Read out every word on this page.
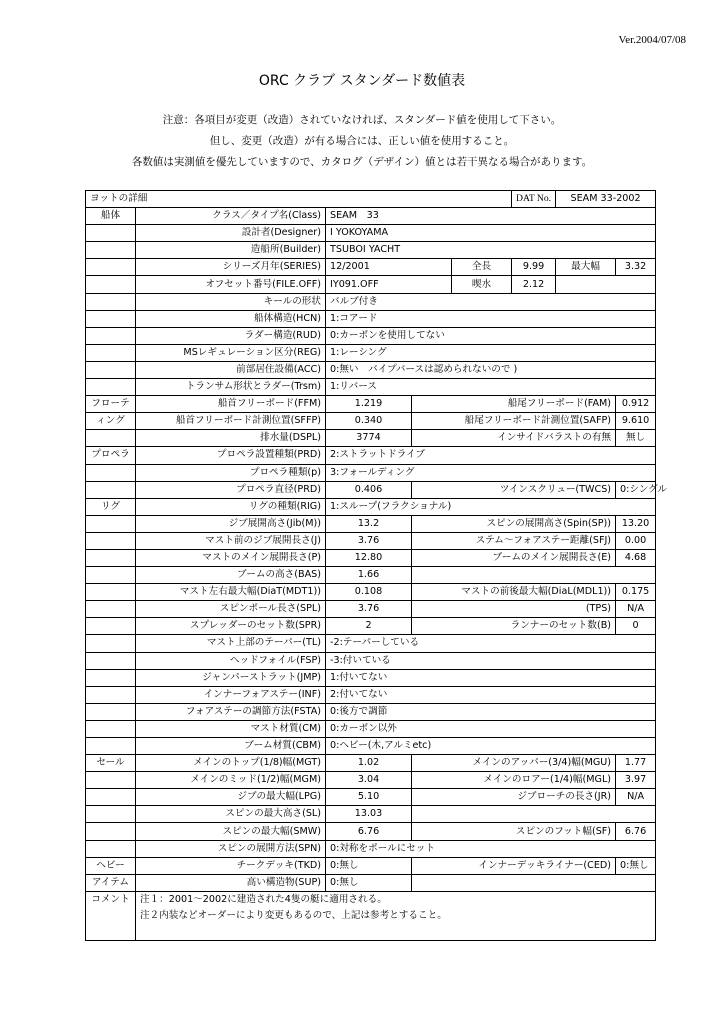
Ver.2004/07/08
ORC クラブ スタンダード数値表
注意：各項目が変更（改造）されていなければ、スタンダード値を使用して下さい。
但し、変更（改造）が有る場合には、正しい値を使用すること。
各数値は実測値を優先していますので、カタログ（デザイン）値とは若干異なる場合があります。
ヨットの詳細					DAT No.	SEAM 33-2002	
船体	クラス／タイプ名(Class)	SEAM　33					
	設計者(Designer)	I YOKOYAMA					
	造船所(Builder)	TSUBOI YACHT					
	シリーズ月年(SERIES)	12/2001		全長	9.99	最大幅	3.32
	オフセット番号(FILE.OFF)	IY091.OFF		喫水	2.12		
	キールの形状	バルブ付き					
	船体構造(HCN)	1:コアード					
	ラダー構造(RUD)	0:カーボンを使用してない					
	MSレギュレーション区分(REG)	1:レーシング					
	前部居住設備(ACC)	0:無い　バイプバースは認められないので )					
	トランサム形状とラダー(Trsm)	1:リバース					
フローテ	船首フリーボード(FFM)	1.219	船尾フリーボード(FAM)				0.912
ィング	船首フリーボード計測位置(SFFP)	0.340	船尾フリーボード計測位置(SAFP)				9.610
	排水量(DSPL)	3774	インサイドバラストの有無				無し
プロペラ	プロペラ設置種類(PRD)	2:ストラットドライブ					
	プロペラ種類(p)	3:フォールディング					
	プロペラ直径(PRD)	0.406	ツインスクリュー(TWCS)				0:シングル
リグ	リグの種類(RIG)	1:スループ(フラクショナル)					
	ジブ展開高さ(Jib(M))	13.2	スピンの展開高さ(Spin(SP))				13.20
	マスト前のジブ展開長さ(J)	3.76	ステム～フォアステー距離(SFJ)				0.00
	マストのメイン展開長さ(P)	12.80	ブームのメイン展開長さ(E)				4.68
	ブームの高さ(BAS)	1.66					
	マスト左右最大幅(DiaT(MDT1))	0.108	マストの前後最大幅(DiaL(MDL1))				0.175
	スピンポール長さ(SPL)	3.76	(TPS)				N/A
	スプレッダーのセット数(SPR)	2	ランナーのセット数(B)				0
	マスト上部のテーパー(TL)	-2:テーパーしている					
	ヘッドフォイル(FSP)	-3:付いている					
	ジャンパーストラット(JMP)	1:付いてない					
	インナーフォアステー(INF)	2:付いてない					
	フォアステーの調節方法(FSTA)	0:後方で調節					
	マスト材質(CM)	0:カーボン以外					
	ブーム材質(CBM)	0:ヘビー(木,アルミetc)					
セール	メインのトップ(1/8)幅(MGT)	1.02	メインのアッパー(3/4)幅(MGU)				1.77
	メインのミッド(1/2)幅(MGM)	3.04	メインのロアー(1/4)幅(MGL)				3.97
	ジブの最大幅(LPG)	5.10	ジブローチの長さ(JR)				N/A
	スピンの最大高さ(SL)	13.03					
	スピンの最大幅(SMW)	6.76	スピンのフット幅(SF)				6.76
	スピンの展開方法(SPN)	0:対称をポールにセット					
ヘビー	チークデッキ(TKD)	0:無し	インナーデッキライナー(CED)				0:無し
アイテム	高い構造物(SUP)	0:無し					
コメント	注１：2001～2002に建造された4隻の艇に適用される。
注２内装などオーダーにより変更もあるので、上記は参考とすること。						
